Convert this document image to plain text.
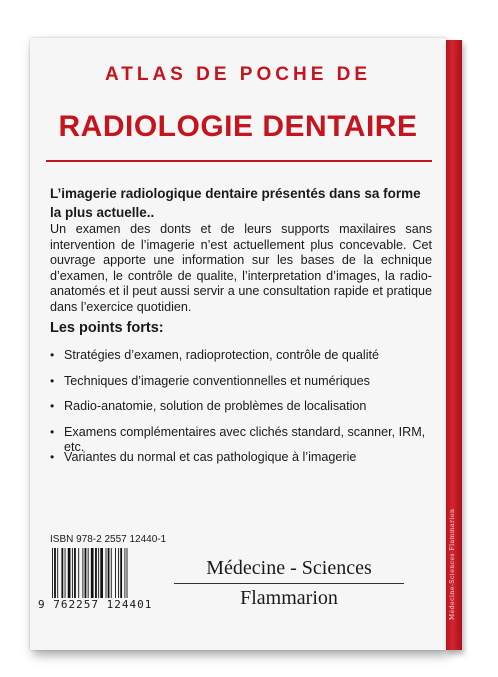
Médecine-Sciences Flammarion
ATLAS DE POCHE DE
RADIOLOGIE DENTAIRE
L’imagerie radiologique dentaire présentés dans sa forme la plus actuelle..
Un examen des donts et de leurs supports maxilaires sans intervention de l’imagerie n’est actuellement plus concevable. Cet ouvrage apporte une information sur les bases de la echnique d’examen, le contrôle de qualite, l’interpretation d’images, la radio-anatomés et il peut aussi servir a une consultation rapide et pratique dans l’exercice quotidien.
Les points forts:
• Stratégies d’examen, radioprotection, contrôle de qualité
• Techniques d’imagerie conventionnelles et numériques
• Radio-anatomie, solution de problèmes de localisation
• Examens complémentaires avec clichés standard, scanner, IRM, etc.
• Variantes du normal et cas pathologique à l’imagerie
ISBN 978-2 2557 12440-1
9 762257 124401
Médecine - Sciences
Flammarion
